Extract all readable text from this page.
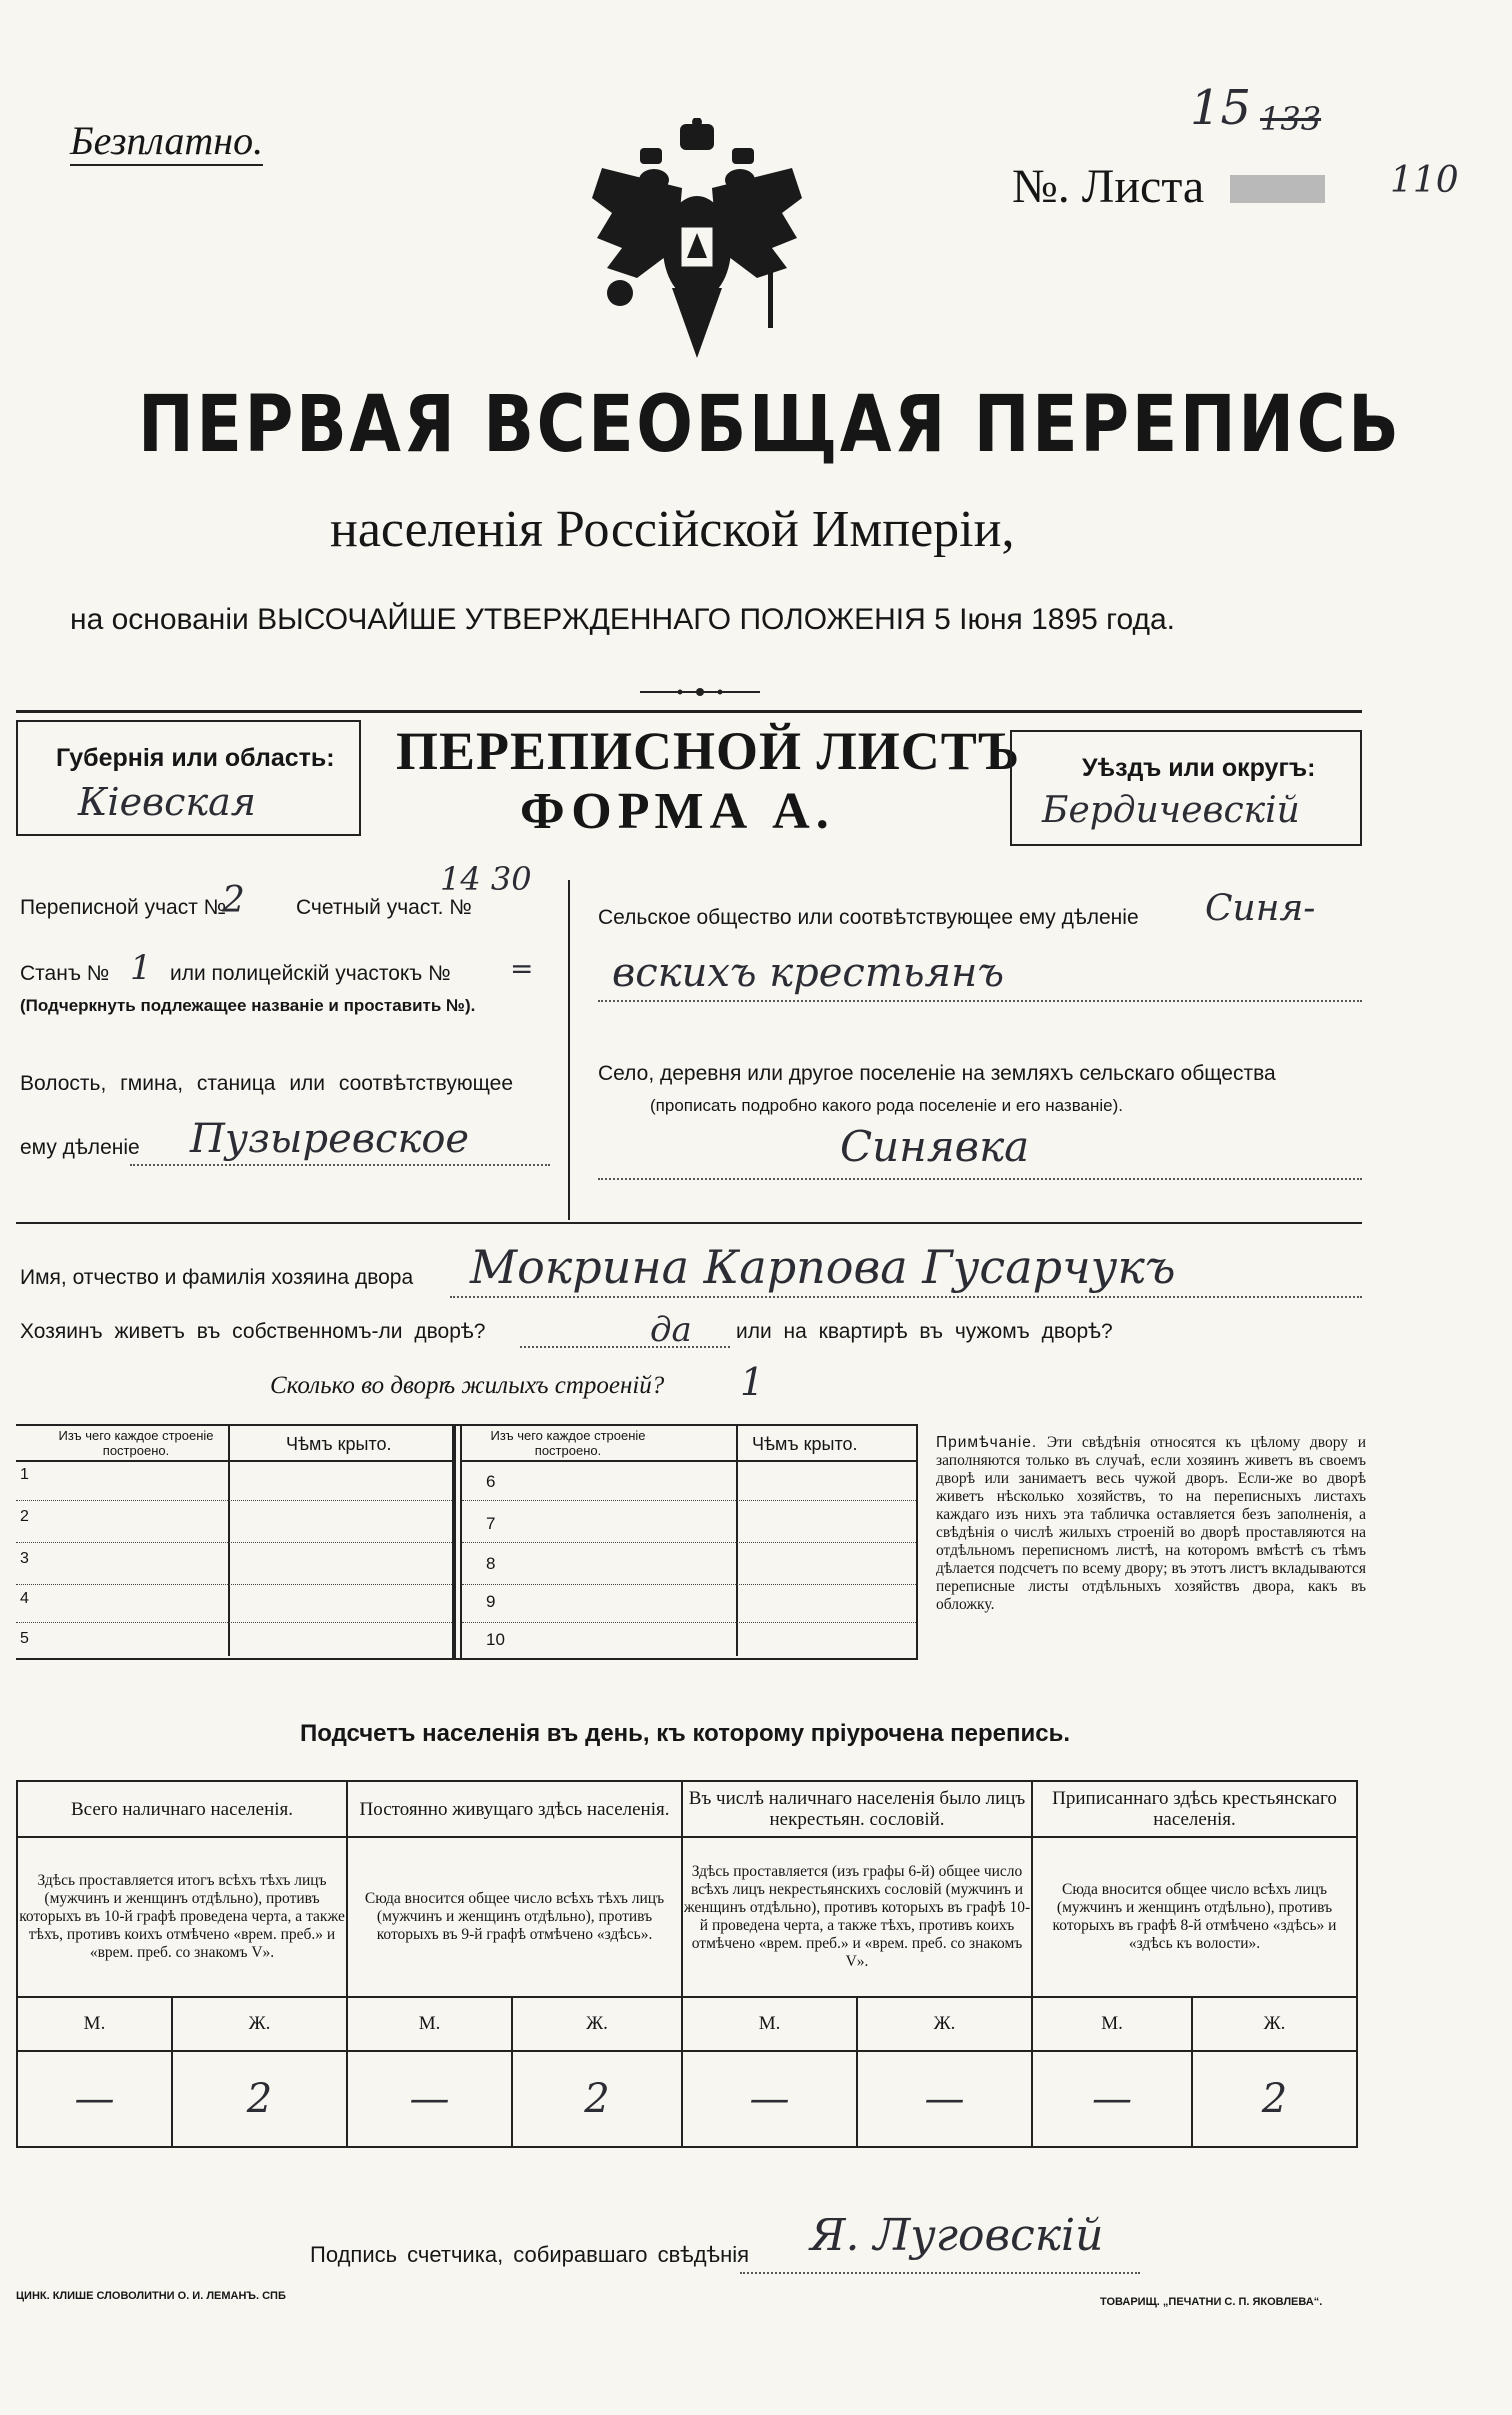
Безплатно.
№. Листа
15 133
110
ПЕРВАЯ ВСЕОБЩАЯ ПЕРЕПИСЬ
населенія Россійской Имперіи,
на основаніи ВЫСОЧАЙШЕ УТВЕРЖДЕННАГО ПОЛОЖЕНІЯ 5 Іюня 1895 года.
Губернія или область:
Кіевская
ПЕРЕПИСНОЙ ЛИСТЪ
ФОРМА А.
Уѣздъ или округъ:
Бердичевскій
Переписной участ №
2 Счетный участ. №
14 30
Станъ № 1 или полицейскій участокъ № =
(Подчеркнуть подлежащее названіе и проставить №).
Волость, гмина, станица или соотвѣтствующее
ему дѣленіе Пузыревское
Сельское общество или соотвѣтствующее ему дѣленіе Синя-
вскихъ крестьянъ
Село, деревня или другое поселеніе на земляхъ сельскаго общества
(прописать подробно какого рода поселеніе и его названіе).
Синявка
Имя, отчество и фамилія хозяина двора Мокрина Карпова Гусарчукъ
Хозяинъ живетъ въ собственномъ-ли дворѣ?	да или на квартирѣ въ чужомъ дворѣ?
Сколько во дворѣ жилыхъ строеній? 1
Изъ чего каждое строеніе построено.	Чѣмъ крыто.
1
2
3
4
5
Изъ чего каждое строеніе построено.	Чѣмъ крыто.
6
7
8
9
10
Примѣчаніе. Эти свѣдѣнія относятся къ цѣлому двору и заполняются только въ случаѣ, если хозяинъ живетъ въ своемъ дворѣ или занимаетъ весь чужой дворъ. Если-же во дворѣ живетъ нѣсколько хозяйствъ, то на переписныхъ листахъ каждаго изъ нихъ эта табличка оставляется безъ заполненія, а свѣдѣнія о числѣ жилыхъ строеній во дворѣ проставляются на отдѣльномъ переписномъ листѣ, на которомъ вмѣстѣ съ тѣмъ дѣлается подсчетъ по всему двору; въ этотъ листъ вкладываются переписные листы отдѣльныхъ хозяйствъ двора, какъ въ обложку.
Подсчетъ населенія въ день, къ которому пріурочена перепись.
Всего наличнаго населенія.		Постоянно живущаго здѣсь населенія.		Въ числѣ наличнаго населенія было лицъ некрестьян. сословій.		Приписаннаго здѣсь крестьянскаго населенія.	
Здѣсь проставляется итогъ всѣхъ тѣхъ лицъ (мужчинъ и женщинъ отдѣльно), противъ которыхъ въ 10-й графѣ проведена черта, а также тѣхъ, противъ коихъ отмѣчено «врем. преб.» и «врем. преб. со знакомъ V».		Сюда вносится общее число всѣхъ тѣхъ лицъ (мужчинъ и женщинъ отдѣльно), противъ которыхъ въ 9-й графѣ отмѣчено «здѣсь».		Здѣсь проставляется (изъ графы 6-й) общее число всѣхъ лицъ некрестьянскихъ сословій (мужчинъ и женщинъ отдѣльно), противъ которыхъ въ графѣ 10-й проведена черта, а также тѣхъ, противъ коихъ отмѣчено «врем. преб.» и «врем. преб. со знакомъ V».		Сюда вносится общее число всѣхъ лицъ (мужчинъ и женщинъ отдѣльно), противъ которыхъ въ графѣ 8-й отмѣчено «здѣсь» и «здѣсь къ волости».	
М.	Ж.	М.	Ж.	М.	Ж.	М.	Ж.
—	2	—	2	—	—	—	2
Подпись счетчика, собиравшаго свѣдѣнія Я. Луговскій
ЦИНК. КЛИШЕ СЛОВОЛИТНИ О. И. ЛЕМАНЪ. СПБ	ТОВАРИЩ. „ПЕЧАТНИ С. П. ЯКОВЛЕВА“.
